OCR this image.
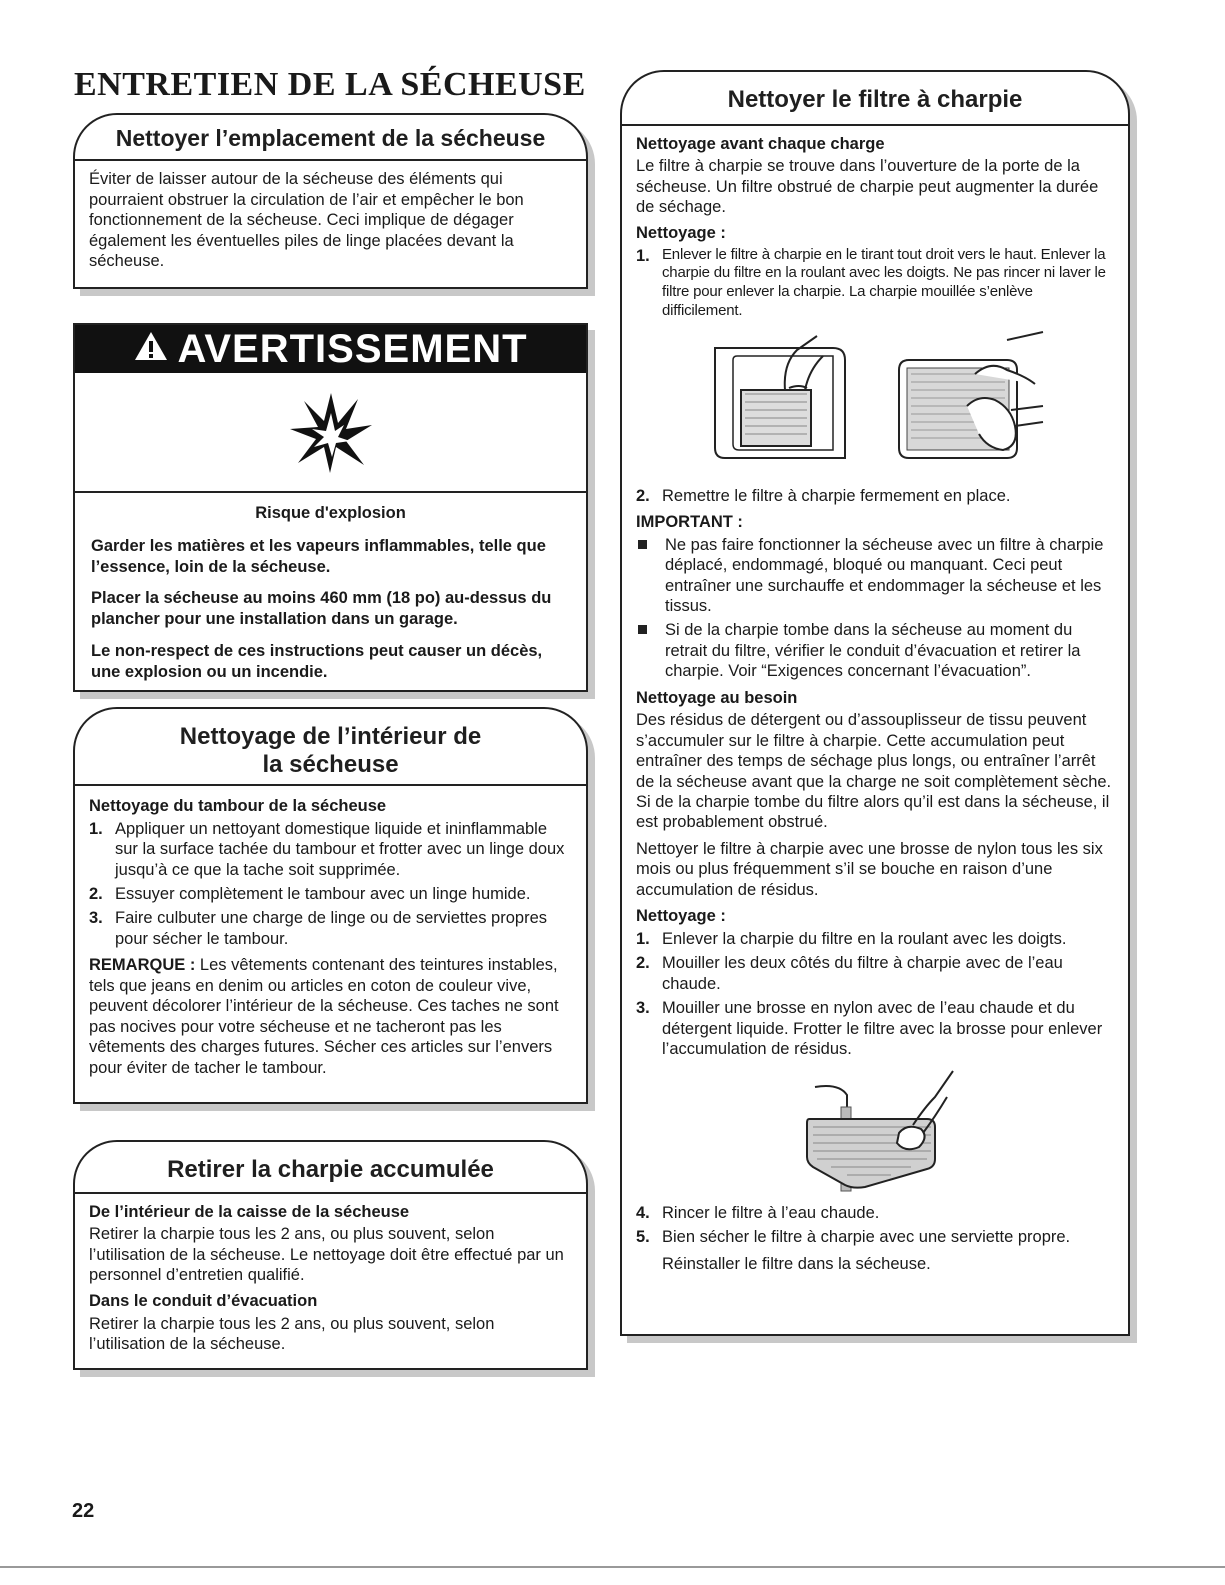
ENTRETIEN DE LA SÉCHEUSE
Nettoyer l’emplacement de la sécheuse

Éviter de laisser autour de la sécheuse des éléments qui pourraient obstruer la circulation de l’air et empêcher le bon fonctionnement de la sécheuse. Ceci implique de dégager également les éventuelles piles de linge placées devant la sécheuse.

AVERTISSEMENT

Risque d'explosion

Garder les matières et les vapeurs inflammables, telle que l’essence, loin de la sécheuse.

Placer la sécheuse au moins 460 mm (18 po) au-dessus du plancher pour une installation dans un garage.

Le non-respect de ces instructions peut causer un décès, une explosion ou un incendie.

Nettoyage de l’intérieur de
la sécheuse
Nettoyage du tambour de la sécheuse
1. Appliquer un nettoyant domestique liquide et ininflammable sur la surface tachée du tambour et frotter avec un linge doux jusqu’à ce que la tache soit supprimée.
2. Essuyer complètement le tambour avec un linge humide.
3. Faire culbuter une charge de linge ou de serviettes propres pour sécher le tambour.

REMARQUE : Les vêtements contenant des teintures instables, tels que jeans en denim ou articles en coton de couleur vive, peuvent décolorer l’intérieur de la sécheuse. Ces taches ne sont pas nocives pour votre sécheuse et ne tacheront pas les vêtements des charges futures. Sécher ces articles sur l’envers pour éviter de tacher le tambour.

Retirer la charpie accumulée
De l’intérieur de la caisse de la sécheuse

Retirer la charpie tous les 2 ans, ou plus souvent, selon l’utilisation de la sécheuse. Le nettoyage doit être effectué par un personnel d’entretien qualifié.

Dans le conduit d’évacuation

Retirer la charpie tous les 2 ans, ou plus souvent, selon l’utilisation de la sécheuse.

Nettoyer le filtre à charpie
Nettoyage avant chaque charge

Le filtre à charpie se trouve dans l’ouverture de la porte de la sécheuse. Un filtre obstrué de charpie peut augmenter la durée de séchage.

Nettoyage :
1. Enlever le filtre à charpie en le tirant tout droit vers le haut. Enlever la charpie du filtre en la roulant avec les doigts. Ne pas rincer ni laver le filtre pour enlever la charpie. La charpie mouillée s’enlève difficilement.
2. Remettre le filtre à charpie fermement en place.
IMPORTANT :
Ne pas faire fonctionner la sécheuse avec un filtre à charpie déplacé, endommagé, bloqué ou manquant. Ceci peut entraîner une surchauffe et endommager la sécheuse et les tissus.
Si de la charpie tombe dans la sécheuse au moment du retrait du filtre, vérifier le conduit d’évacuation et retirer la charpie. Voir “Exigences concernant l’évacuation”.
Nettoyage au besoin

Des résidus de détergent ou d’assouplisseur de tissu peuvent s’accumuler sur le filtre à charpie. Cette accumulation peut entraîner des temps de séchage plus longs, ou entraîner l’arrêt de la sécheuse avant que la charge ne soit complètement sèche. Si de la charpie tombe du filtre alors qu’il est dans la sécheuse, il est probablement obstrué.

Nettoyer le filtre à charpie avec une brosse de nylon tous les six mois ou plus fréquemment s’il se bouche en raison d’une accumulation de résidus.

Nettoyage :
1. Enlever la charpie du filtre en la roulant avec les doigts.
2. Mouiller les deux côtés du filtre à charpie avec de l’eau chaude.
3. Mouiller une brosse en nylon avec de l’eau chaude et du détergent liquide. Frotter le filtre avec la brosse pour enlever l’accumulation de résidus.
4. Rincer le filtre à l’eau chaude.
5. Bien sécher le filtre à charpie avec une serviette propre.

Réinstaller le filtre dans la sécheuse.

22
